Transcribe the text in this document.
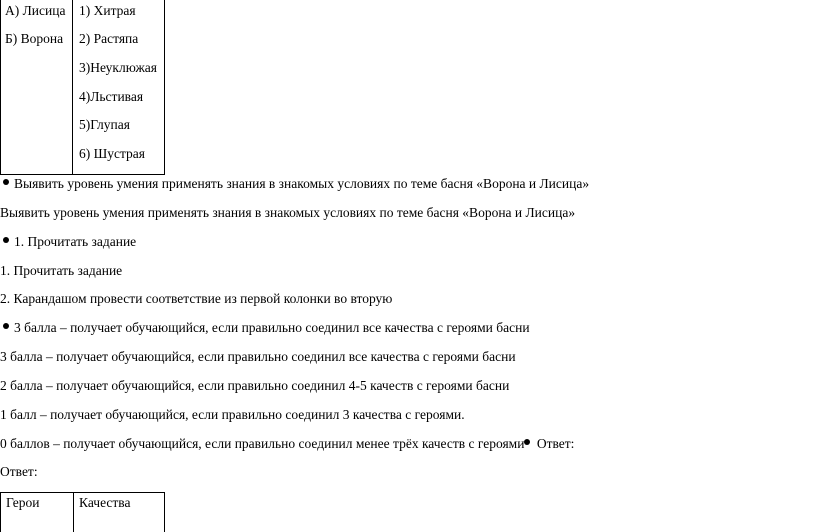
А) Лисица
Б) Ворона
1) Хитрая
2) Растяпа
3)Неуклюжая
4)Льстивая
5)Глупая
6) Шустрая
Выявить уровень умения применять знания в знакомых условиях по теме басня «Ворона и Лисица»
Выявить уровень умения применять знания в знакомых условиях по теме басня «Ворона и Лисица»
1. Прочитать задание
1. Прочитать задание
2. Карандашом провести соответствие из первой колонки во вторую
3 балла – получает обучающийся, если правильно соединил все качества с героями басни
3 балла – получает обучающийся, если правильно соединил все качества с героями басни
2 балла – получает обучающийся, если правильно соединил 4-5 качеств с героями басни
1 балл – получает обучающийся, если правильно соединил 3 качества с героями.
0 баллов – получает обучающийся, если правильно соединил менее трёх качеств с героями Ответ:
Ответ:
Герои	Качества
